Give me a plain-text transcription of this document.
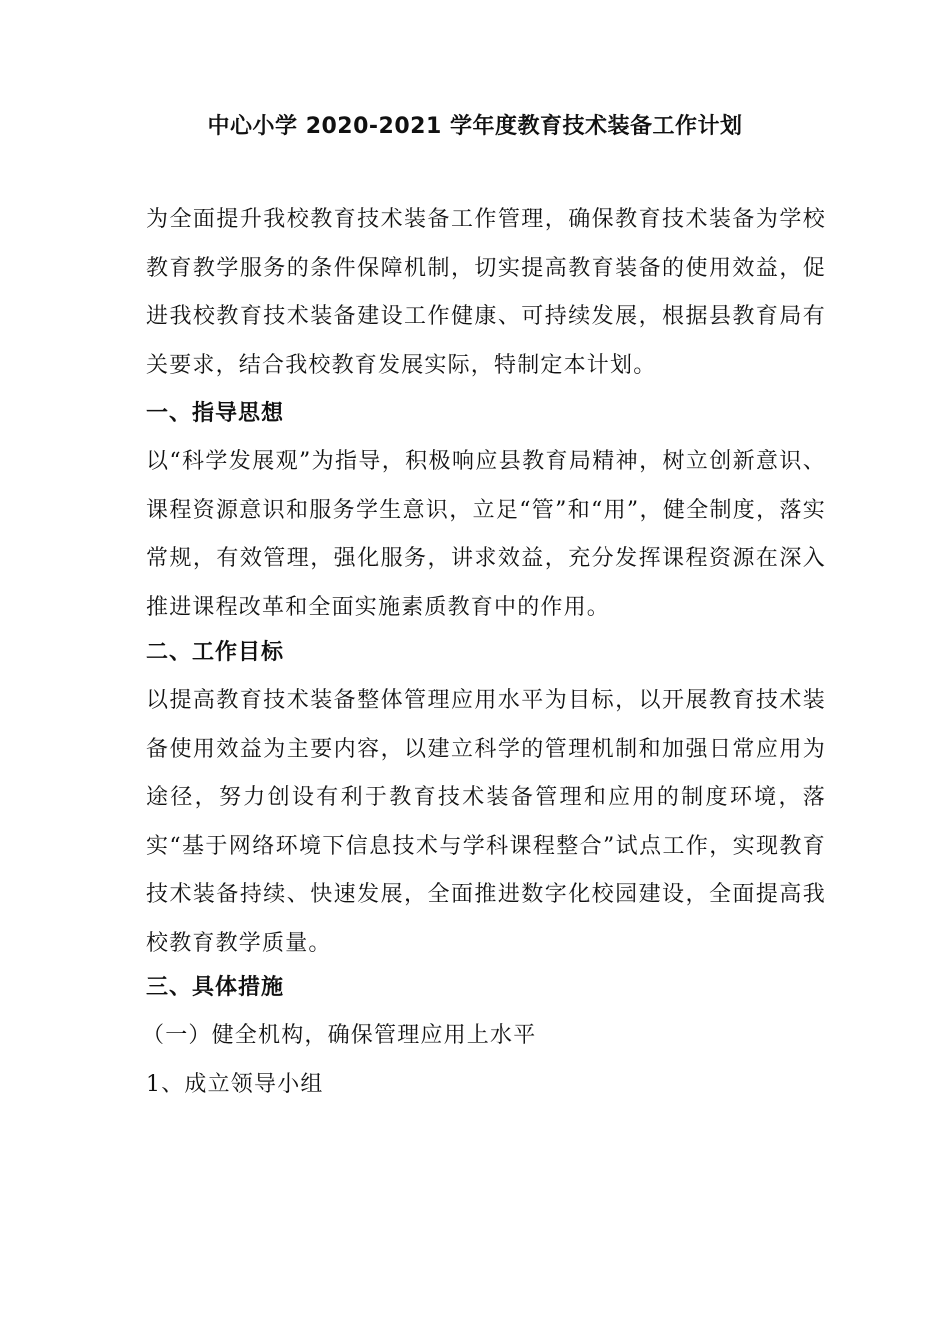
中心小学 2020-2021 学年度教育技术装备工作计划
为全面提升我校教育技术装备工作管理，确保教育技术装备为学校教育教学服务的条件保障机制，切实提高教育装备的使用效益，促进我校教育技术装备建设工作健康、可持续发展，根据县教育局有关要求，结合我校教育发展实际，特制定本计划。
一、指导思想
以“科学发展观”为指导，积极响应县教育局精神，树立创新意识、课程资源意识和服务学生意识，立足“管”和“用”，健全制度，落实常规，有效管理，强化服务，讲求效益，充分发挥课程资源在深入推进课程改革和全面实施素质教育中的作用。
二、工作目标
以提高教育技术装备整体管理应用水平为目标，以开展教育技术装备使用效益为主要内容，以建立科学的管理机制和加强日常应用为途径，努力创设有利于教育技术装备管理和应用的制度环境，落实“基于网络环境下信息技术与学科课程整合”试点工作，实现教育技术装备持续、快速发展，全面推进数字化校园建设，全面提高我校教育教学质量。
三、具体措施
（一）健全机构，确保管理应用上水平
1、成立领导小组
